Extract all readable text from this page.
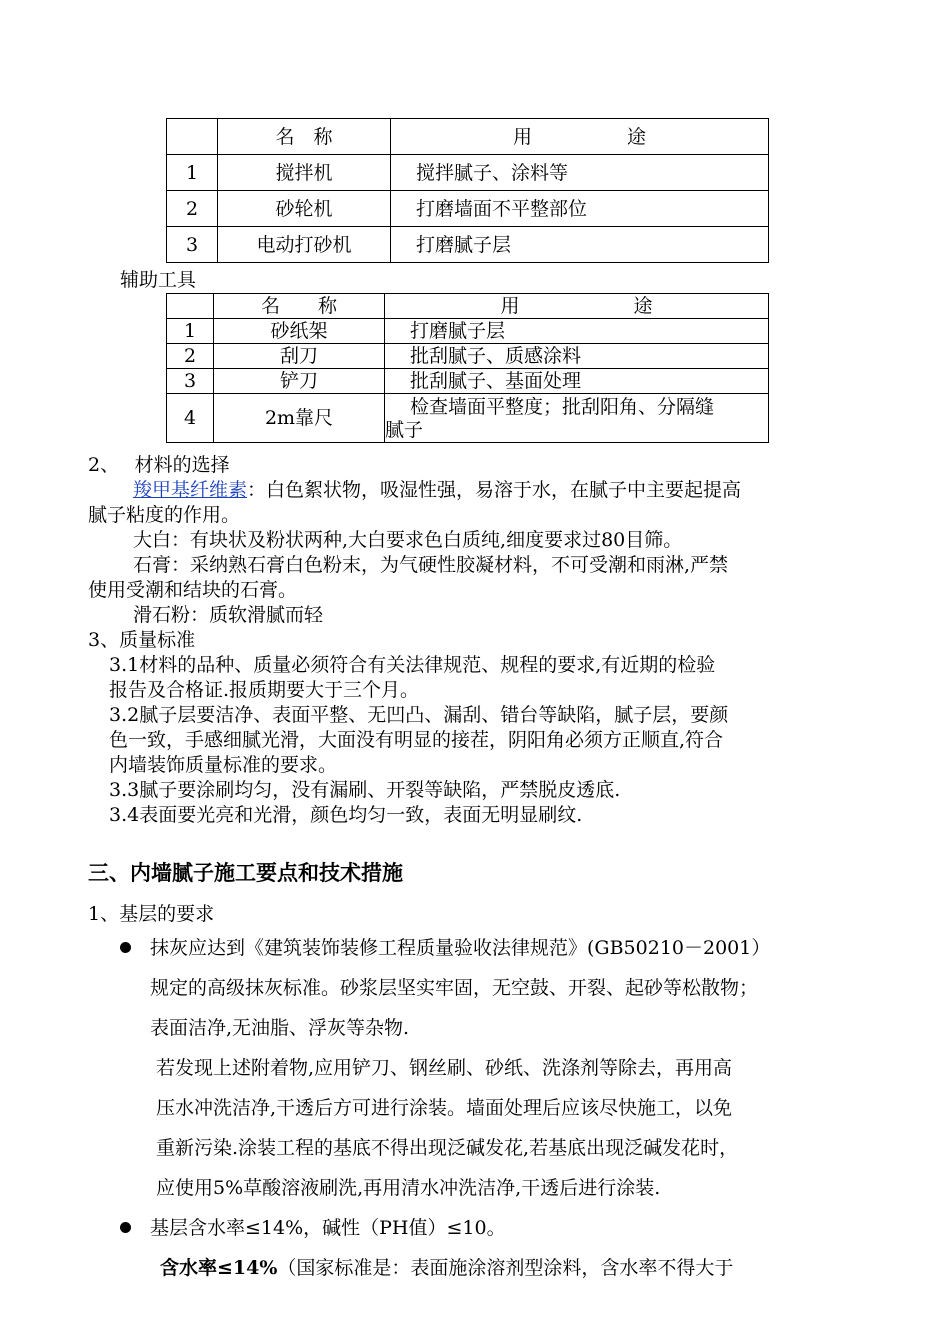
	名　称	用　　　　　途
1	搅拌机	搅拌腻子、涂料等
2	砂轮机	打磨墙面不平整部位
3	电动打砂机	打磨腻子层
辅助工具
	名　　称	用　　　　　　途
1	砂纸架	打磨腻子层
2	刮刀	批刮腻子、质感涂料
3	铲刀	批刮腻子、基面处理
4	2m靠尺	检查墙面平整度；批刮阳角、分隔缝
腻子
2、　 材料的选择
羧甲基纤维素：白色絮状物，吸湿性强，易溶于水，在腻子中主要起提高
腻子粘度的作用。
大白：有块状及粉状两种,大白要求色白质纯,细度要求过80目筛。
石膏：采纳熟石膏白色粉末，为气硬性胶凝材料，不可受潮和雨淋,严禁
使用受潮和结块的石膏。
滑石粉：质软滑腻而轻
3、质量标准
3.1材料的品种、质量必须符合有关法律规范、规程的要求,有近期的检验
报告及合格证.报质期要大于三个月。
3.2腻子层要洁净、表面平整、无凹凸、漏刮、错台等缺陷，腻子层，要颜
色一致，手感细腻光滑，大面没有明显的接茬，阴阳角必须方正顺直,符合
内墙装饰质量标准的要求。
3.3腻子要涂刷均匀，没有漏刷、开裂等缺陷，严禁脱皮透底.
3.4表面要光亮和光滑，颜色均匀一致，表面无明显刷纹.
三、内墙腻子施工要点和技术措施
1、基层的要求
抹灰应达到《建筑装饰装修工程质量验收法律规范》(GB50210－2001）
规定的高级抹灰标准。砂浆层坚实牢固，无空鼓、开裂、起砂等松散物；
表面洁净,无油脂、浮灰等杂物.
若发现上述附着物,应用铲刀、钢丝刷、砂纸、洗涤剂等除去，再用高
压水冲洗洁净,干透后方可进行涂装。墙面处理后应该尽快施工，以免
重新污染.涂装工程的基底不得出现泛碱发花,若基底出现泛碱发花时，
应使用5%草酸溶液刷洗,再用清水冲洗洁净,干透后进行涂装.
基层含水率≤14%，碱性（PH值）≤10。
含水率≤14%（国家标准是：表面施涂溶剂型涂料，含水率不得大于
